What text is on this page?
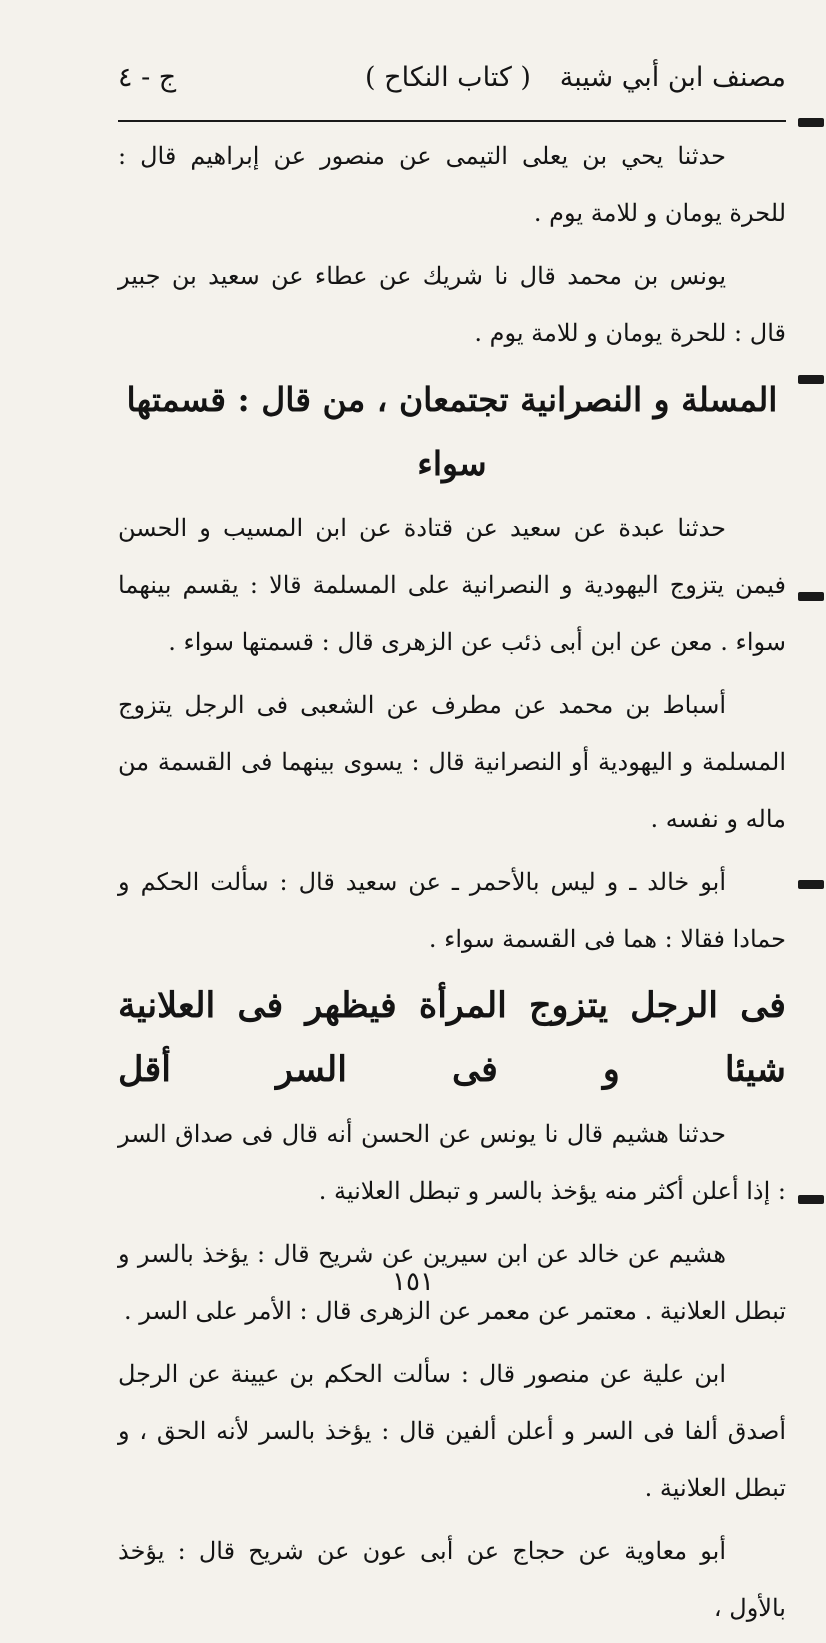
مصنف ابن أبي شيبة
( كتاب النكاح )
ج - ٤

حدثنا يحي بن يعلى التيمى عن منصور عن إبراهيم قال : للحرة يومان و للامة يوم .

يونس بن محمد قال نا شريك عن عطاء عن سعيد بن جبير قال : للحرة يومان و للامة يوم .

المسلة و النصرانية تجتمعان ، من قال : قسمتها سواء

حدثنا عبدة عن سعيد عن قتادة عن ابن المسيب و الحسن فيمن يتزوج اليهودية و النصرانية على المسلمة قالا : يقسم بينهما سواء . معن عن ابن أبى ذئب عن الزهرى قال : قسمتها سواء .

أسباط بن محمد عن مطرف عن الشعبى فى الرجل يتزوج المسلمة و اليهودية أو النصرانية قال : يسوى بينهما فى القسمة من ماله و نفسه .

أبو خالد ـ و ليس بالأحمر ـ عن سعيد قال : سألت الحكم و حمادا فقالا : هما فى القسمة سواء .

فى الرجل يتزوج المرأة فيظهر فى العلانية شيئا و فى السر أقل

حدثنا هشيم قال نا يونس عن الحسن أنه قال فى صداق السر : إذا أعلن أكثر منه يؤخذ بالسر و تبطل العلانية .

هشيم عن خالد عن ابن سيرين عن شريح قال : يؤخذ بالسر و تبطل العلانية . معتمر عن معمر عن الزهرى قال : الأمر على السر .

ابن علية عن منصور قال : سألت الحكم بن عيينة عن الرجل أصدق ألفا فى السر و أعلن ألفين قال : يؤخذ بالسر لأنه الحق ، و تبطل العلانية .

أبو معاوية عن حجاج عن أبى عون عن شريح قال : يؤخذ بالأول ،

١٥١
